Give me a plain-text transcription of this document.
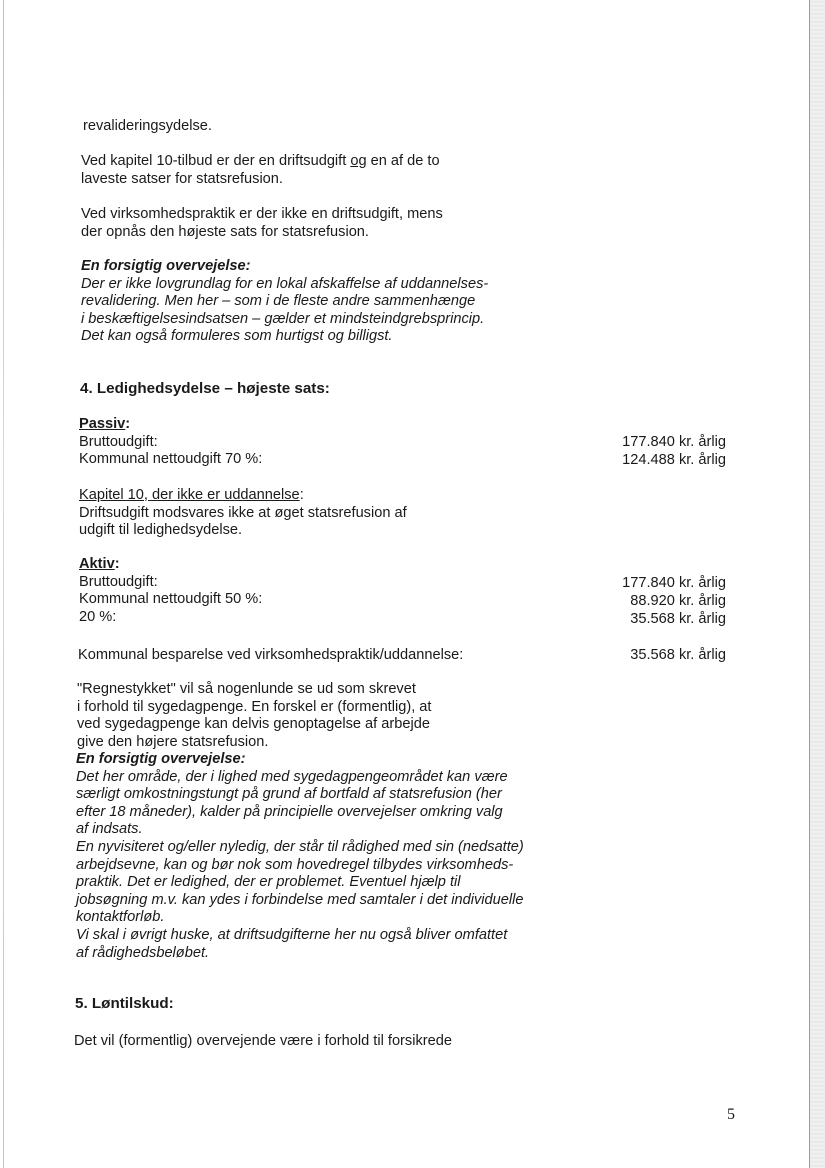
revalideringsydelse.

Ved kapitel 10-tilbud er der en driftsudgift og en af de to
laveste satser for statsrefusion.

Ved virksomhedspraktik er der ikke en driftsudgift, mens
der opnås den højeste sats for statsrefusion.

En forsigtig overvejelse:
Der er ikke lovgrundlag for en lokal afskaffelse af uddannelses-
revalidering. Men her – som i de fleste andre sammenhænge
i beskæftigelsesindsatsen – gælder et mindsteindgrebsprincip.
Det kan også formuleres som hurtigst og billigst.

4. Ledighedsydelse – højeste sats:

Passiv:
Bruttoudgift:
Kommunal nettoudgift 70 %:
177.840 kr. årlig
124.488 kr. årlig
Kapitel 10, der ikke er uddannelse:
Driftsudgift modsvares ikke at øget statsrefusion af
udgift til ledighedsydelse.
Aktiv:
Bruttoudgift:
Kommunal nettoudgift 50 %:
20 %:
177.840 kr. årlig
88.920 kr. årlig
35.568 kr. årlig

Kommunal besparelse ved virksomhedspraktik/uddannelse:	35.568 kr. årlig
"Regnestykket" vil så nogenlunde se ud som skrevet
i forhold til sygedagpenge. En forskel er (formentlig), at
ved sygedagpenge kan delvis genoptagelse af arbejde
give den højere statsrefusion.
En forsigtig overvejelse:
Det her område, der i lighed med sygedagpengeområdet kan være
særligt omkostningstungt på grund af bortfald af statsrefusion (her
efter 18 måneder), kalder på principielle overvejelser omkring valg
af indsats.
En nyvisiteret og/eller nyledig, der står til rådighed med sin (nedsatte)
arbejdsevne, kan og bør nok som hovedregel tilbydes virksomheds-
praktik. Det er ledighed, der er problemet. Eventuel hjælp til
jobsøgning m.v. kan ydes i forbindelse med samtaler i det individuelle
kontaktforløb.
Vi skal i øvrigt huske, at driftsudgifterne her nu også bliver omfattet
af rådighedsbeløbet.

5. Løntilskud:

Det vil (formentlig) overvejende være i forhold til forsikrede

5
